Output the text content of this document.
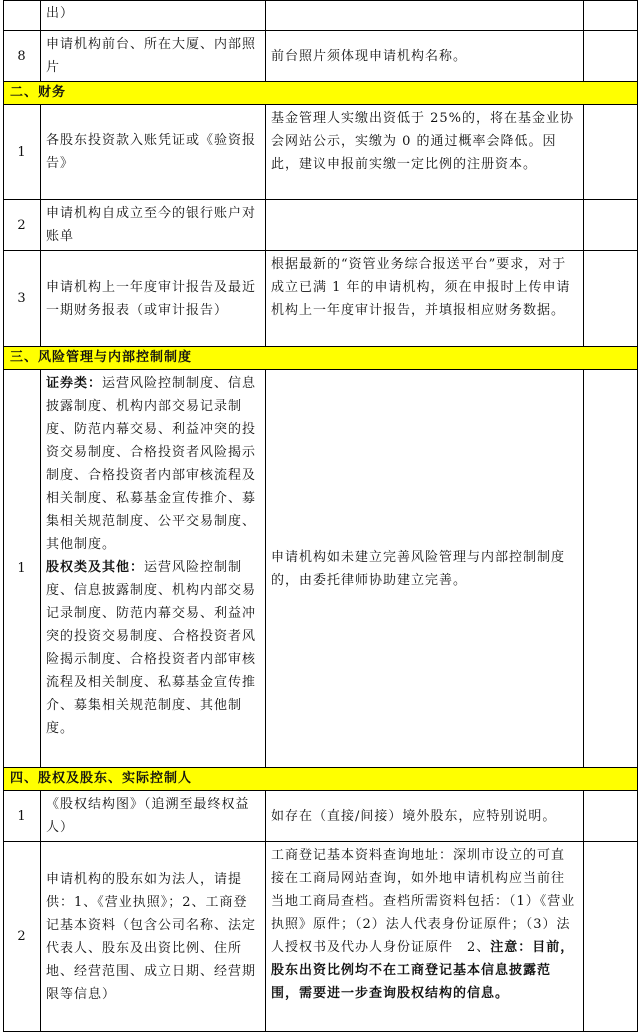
	出）		
8	申请机构前台、所在大厦、内部照片	前台照片须体现申请机构名称。	
二、财务			
1	各股东投资款入账凭证或《验资报告》	基金管理人实缴出资低于 25%的，将在基金业协会网站公示，实缴为 0 的通过概率会降低。因此，建议申报前实缴一定比例的注册资本。	
2	申请机构自成立至今的银行账户对账单		
3	申请机构上一年度审计报告及最近一期财务报表（或审计报告）	根据最新的“资管业务综合报送平台”要求，对于成立已满 1 年的申请机构，须在申报时上传申请机构上一年度审计报告，并填报相应财务数据。	
三、风险管理与内部控制制度			
1	证券类：运营风险控制制度、信息披露制度、机构内部交易记录制度、防范内幕交易、利益冲突的投资交易制度、合格投资者风险揭示制度、合格投资者内部审核流程及相关制度、私募基金宣传推介、募集相关规范制度、公平交易制度、其他制度。
股权类及其他：运营风险控制制度、信息披露制度、机构内部交易记录制度、防范内幕交易、利益冲突的投资交易制度、合格投资者风险揭示制度、合格投资者内部审核流程及相关制度、私募基金宣传推介、募集相关规范制度、其他制度。	申请机构如未建立完善风险管理与内部控制制度的，由委托律师协助建立完善。	
四、股权及股东、实际控制人			
1	《股权结构图》（追溯至最终权益人）	如存在（直接/间接）境外股东，应特别说明。	
2	申请机构的股东如为法人，请提供：1、《营业执照》；2、工商登记基本资料（包含公司名称、法定代表人、股东及出资比例、住所地、经营范围、成立日期、经营期限等信息）	工商登记基本资料查询地址：深圳市设立的可直接在工商局网站查询，如外地申请机构应当前往当地工商局查档。查档所需资料包括：（1）《营业执照》原件；（2）法人代表身份证原件；（3）法人授权书及代办人身份证原件　2、注意：目前，股东出资比例均不在工商登记基本信息披露范围，需要进一步查询股权结构的信息。	
